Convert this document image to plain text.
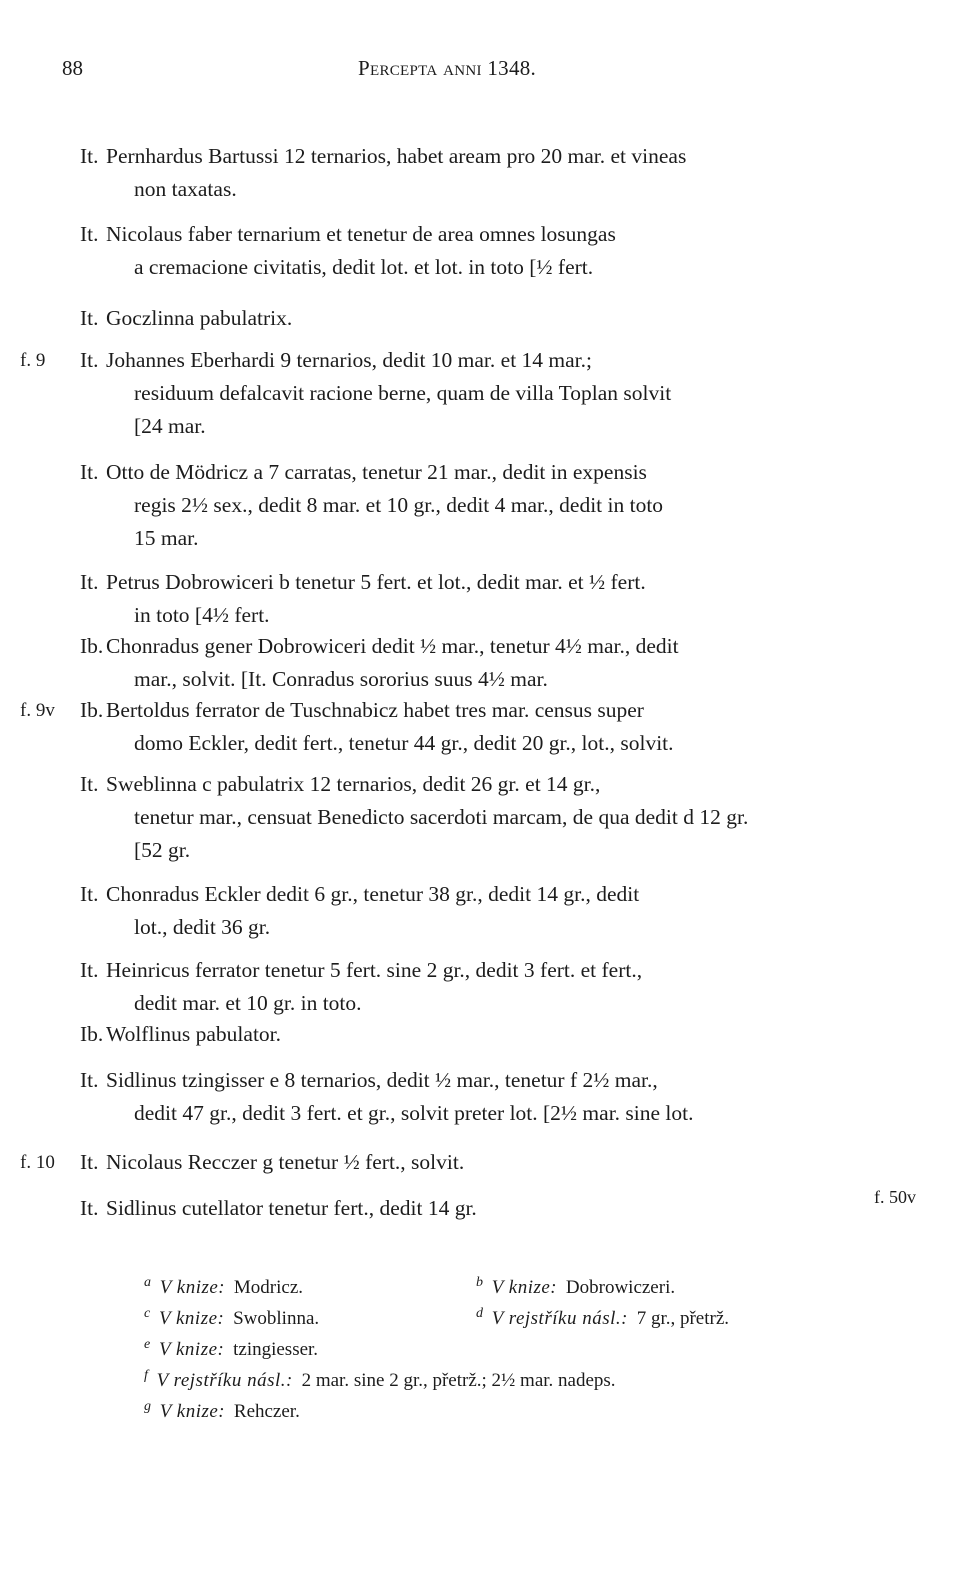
88	Percepta anni 1348.
It. Pernhardus Bartussi 12 ternarios, habet aream pro 20 mar. et vineas
non taxatas.
It. Nicolaus faber ternarium et tenetur de area omnes losungas
a cremacione civitatis, dedit lot. et lot. in toto [½ fert.
It. Goczlinna pabulatrix.
f. 9 It. Johannes Eberhardi 9 ternarios, dedit 10 mar. et 14 mar.;
residuum defalcavit racione berne, quam de villa Toplan solvit
[24 mar.
It. Otto de Mödricz a 7 carratas, tenetur 21 mar., dedit in expensis
regis 2½ sex., dedit 8 mar. et 10 gr., dedit 4 mar., dedit in toto
15 mar.
It. Petrus Dobrowiceri b tenetur 5 fert. et lot., dedit mar. et ½ fert.
in toto [4½ fert.
Ib. Chonradus gener Dobrowiceri dedit ½ mar., tenetur 4½ mar., dedit
mar., solvit. [It. Conradus sororius suus 4½ mar.
f. 9v Ib. Bertoldus ferrator de Tuschnabicz habet tres mar. census super
domo Eckler, dedit fert., tenetur 44 gr., dedit 20 gr., lot., solvit.
It. Sweblinna c pabulatrix 12 ternarios, dedit 26 gr. et 14 gr.,
tenetur mar., censuat Benedicto sacerdoti marcam, de qua dedit d 12 gr.
[52 gr.
It. Chonradus Eckler dedit 6 gr., tenetur 38 gr., dedit 14 gr., dedit
lot., dedit 36 gr.
It. Heinricus ferrator tenetur 5 fert. sine 2 gr., dedit 3 fert. et fert.,
dedit mar. et 10 gr. in toto.
Ib. Wolflinus pabulator.
It. Sidlinus tzingisser e 8 ternarios, dedit ½ mar., tenetur f 2½ mar.,
dedit 47 gr., dedit 3 fert. et gr., solvit preter lot. [2½ mar. sine lot.
f. 10 It. Nicolaus Recczer g tenetur ½ fert., solvit.
It. Sidlinus cutellator tenetur fert., dedit 14 gr.	f. 50v
$^a$ V knize: Modricz.	$^b$ V knize: Dobrowiczeri.
$^c$ V knize: Swoblinna.	$^d$ V rejstříku násl.: 7 gr., přetrž.
$^e$ V knize: tzingiesser.
$^f$ V rejstříku násl.: 2 mar. sine 2 gr., přetrž.; 2½ mar. nadeps.
$^g$ V knize: Rehczer.
